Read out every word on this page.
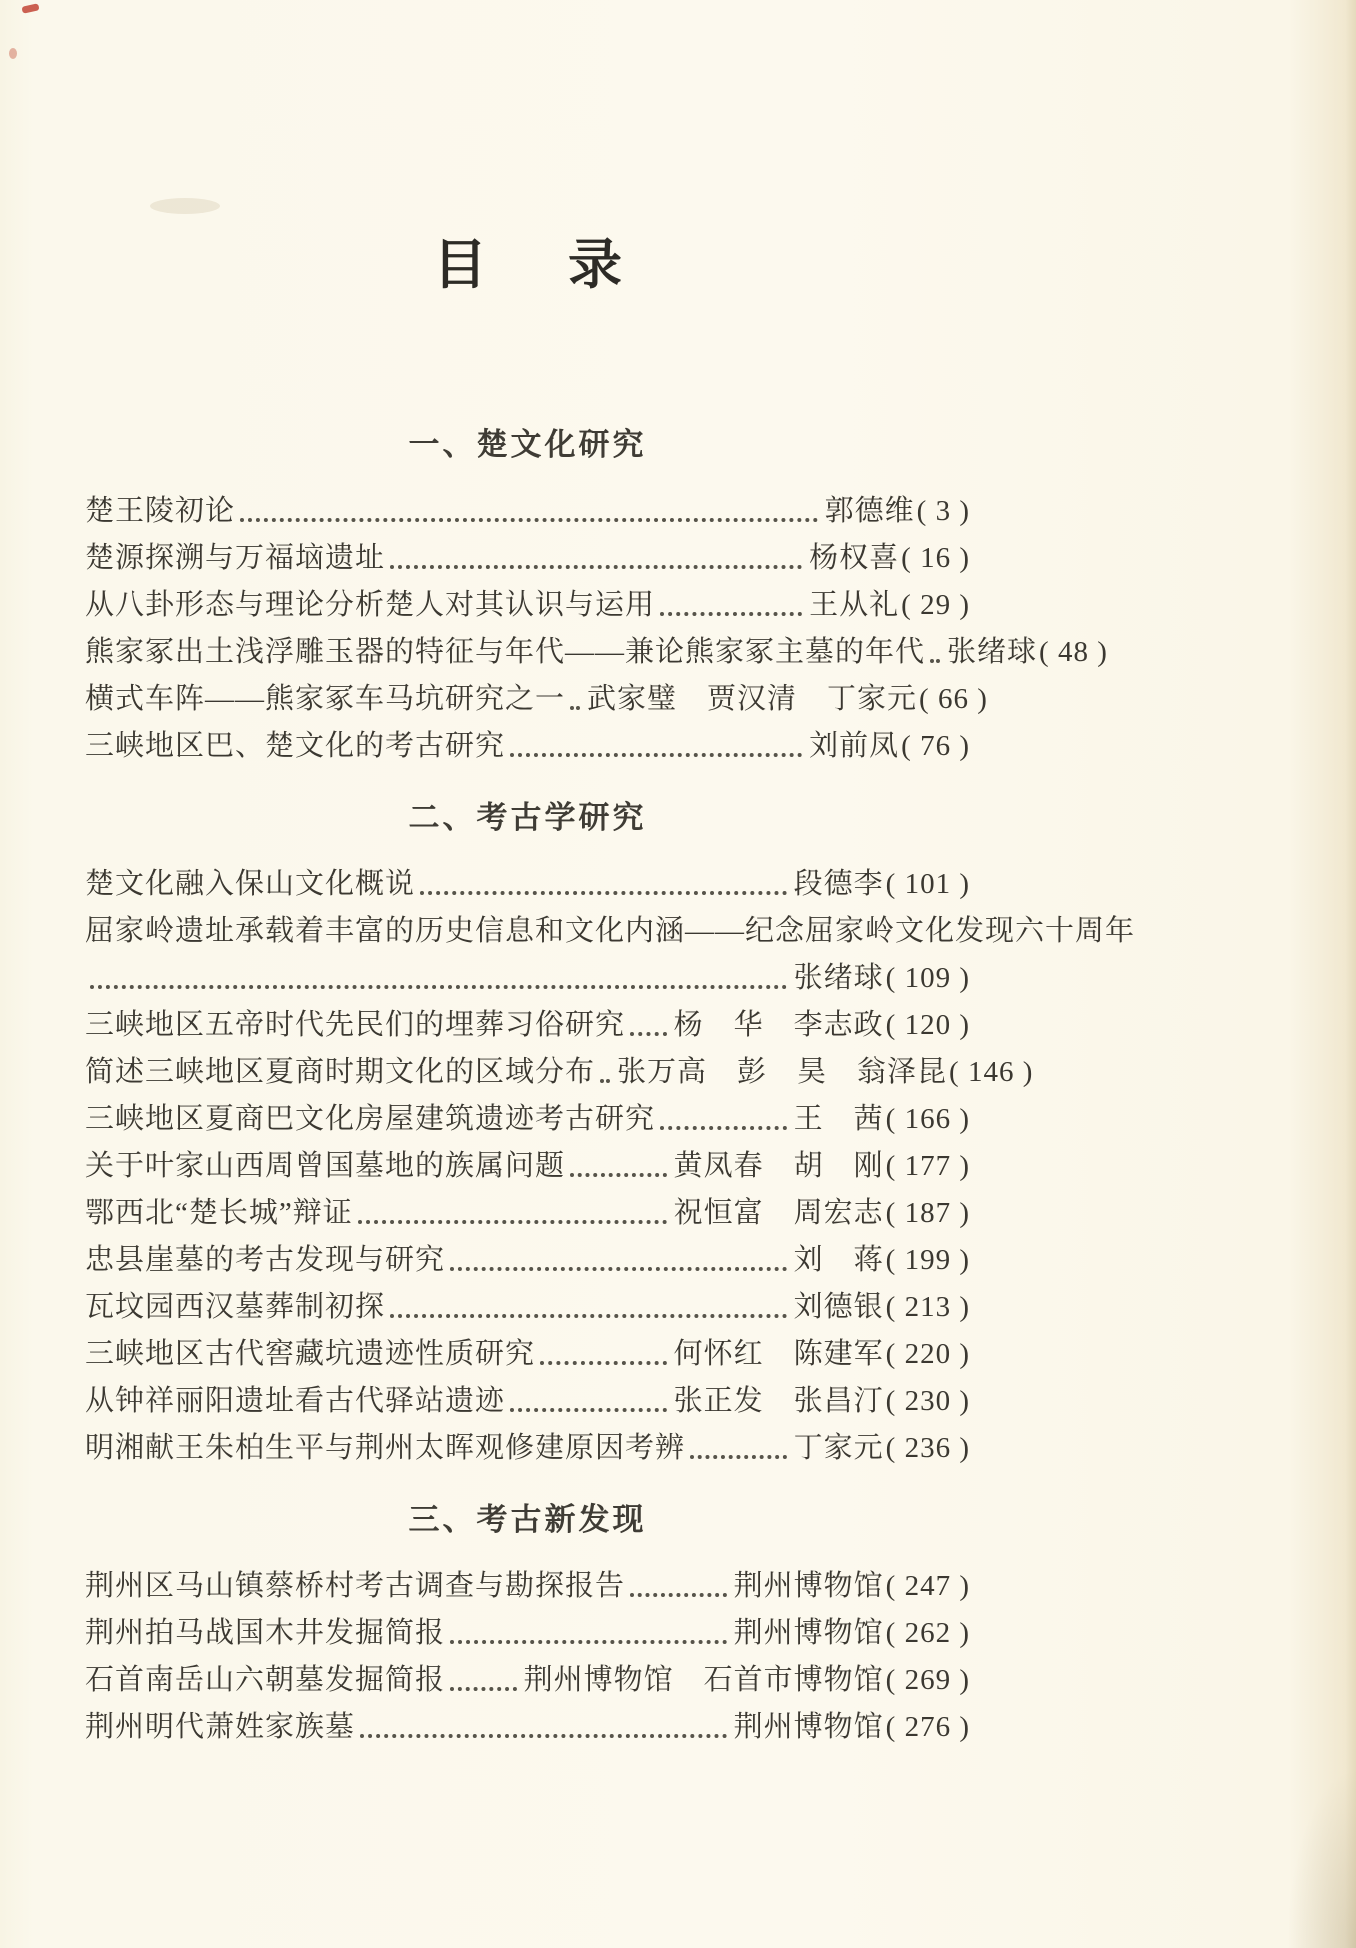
目　录
一、楚文化研究
楚王陵初论	郭德维( 3 )
楚源探溯与万福垴遗址	杨权喜( 16 )
从八卦形态与理论分析楚人对其认识与运用	王从礼( 29 )
熊家冢出土浅浮雕玉器的特征与年代——兼论熊家冢主墓的年代 张绪球( 48 )
横式车阵——熊家冢车马坑研究之一 武家璧　贾汉清　丁家元( 66 )
三峡地区巴、楚文化的考古研究	刘前凤( 76 )
二、考古学研究
楚文化融入保山文化概说	段德李( 101 )
屈家岭遗址承载着丰富的历史信息和文化内涵——纪念屈家岭文化发现六十周年
张绪球( 109 )
三峡地区五帝时代先民们的埋葬习俗研究 杨　华　李志政( 120 )
简述三峡地区夏商时期文化的区域分布 张万高　彭　昊　翁泽昆( 146 )
三峡地区夏商巴文化房屋建筑遗迹考古研究	王　茜( 166 )
关于叶家山西周曾国墓地的族属问题	黄凤春　胡　刚( 177 )
鄂西北“楚长城”辩证	祝恒富　周宏志( 187 )
忠县崖墓的考古发现与研究	刘　蒋( 199 )
瓦坟园西汉墓葬制初探	刘德银( 213 )
三峡地区古代窖藏坑遗迹性质研究	何怀红　陈建军( 220 )
从钟祥丽阳遗址看古代驿站遗迹	张正发　张昌汀( 230 )
明湘献王朱柏生平与荆州太晖观修建原因考辨	丁家元( 236 )
三、考古新发现
荆州区马山镇蔡桥村考古调查与勘探报告	荆州博物馆( 247 )
荆州拍马战国木井发掘简报	荆州博物馆( 262 )
石首南岳山六朝墓发掘简报	荆州博物馆　石首市博物馆( 269 )
荆州明代萧姓家族墓	荆州博物馆( 276 )
